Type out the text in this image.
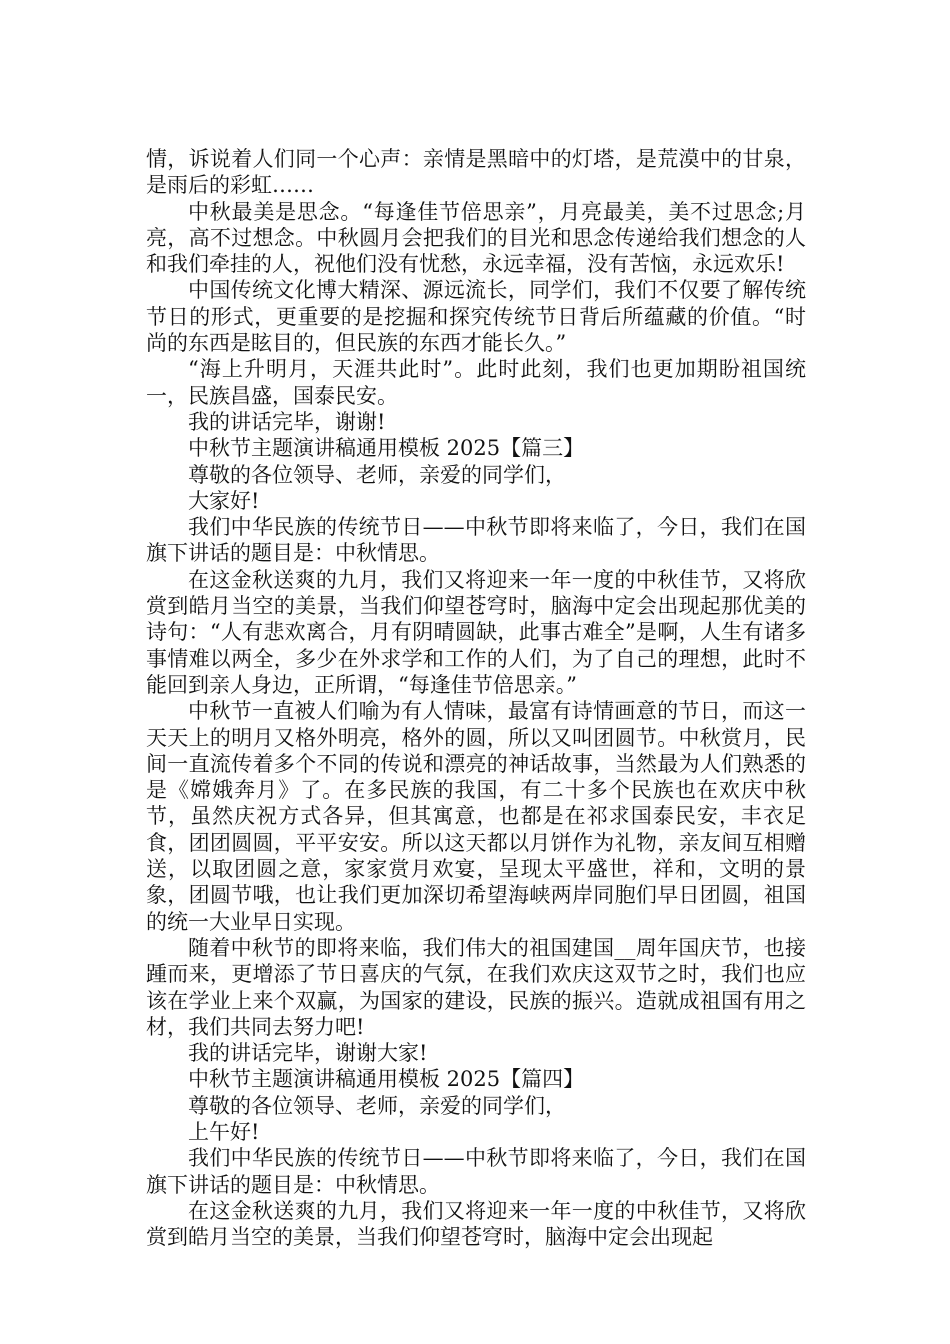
情，诉说着人们同一个心声：亲情是黑暗中的灯塔，是荒漠中的甘泉，是雨后的彩虹……

中秋最美是思念。“每逢佳节倍思亲”，月亮最美，美不过思念;月亮，高不过想念。中秋圆月会把我们的目光和思念传递给我们想念的人和我们牵挂的人，祝他们没有忧愁，永远幸福，没有苦恼，永远欢乐!

中国传统文化博大精深、源远流长，同学们，我们不仅要了解传统节日的形式，更重要的是挖掘和探究传统节日背后所蕴藏的价值。“时尚的东西是眩目的，但民族的东西才能长久。”

“海上升明月，天涯共此时”。此时此刻，我们也更加期盼祖国统一，民族昌盛，国泰民安。

我的讲话完毕，谢谢!

中秋节主题演讲稿通用模板 2025【篇三】

尊敬的各位领导、老师，亲爱的同学们，

大家好!

我们中华民族的传统节日——中秋节即将来临了，今日，我们在国旗下讲话的题目是：中秋情思。

在这金秋送爽的九月，我们又将迎来一年一度的中秋佳节，又将欣赏到皓月当空的美景，当我们仰望苍穹时，脑海中定会出现起那优美的诗句：“人有悲欢离合，月有阴晴圆缺，此事古难全”是啊，人生有诸多事情难以两全，多少在外求学和工作的人们，为了自己的理想，此时不能回到亲人身边，正所谓，“每逢佳节倍思亲。”

中秋节一直被人们喻为有人情味，最富有诗情画意的节日，而这一天天上的明月又格外明亮，格外的圆，所以又叫团圆节。中秋赏月，民间一直流传着多个不同的传说和漂亮的神话故事，当然最为人们熟悉的是《嫦娥奔月》了。在多民族的我国，有二十多个民族也在欢庆中秋节，虽然庆祝方式各异，但其寓意，也都是在祁求国泰民安，丰衣足食，团团圆圆，平平安安。所以这天都以月饼作为礼物，亲友间互相赠送，以取团圆之意，家家赏月欢宴，呈现太平盛世，祥和，文明的景象，团圆节哦，也让我们更加深切希望海峡两岸同胞们早日团圆，祖国的统一大业早日实现。

随着中秋节的即将来临，我们伟大的祖国建国__周年国庆节，也接踵而来，更增添了节日喜庆的气氛，在我们欢庆这双节之时，我们也应该在学业上来个双赢，为国家的建设，民族的振兴。造就成祖国有用之材，我们共同去努力吧!

我的讲话完毕，谢谢大家!

中秋节主题演讲稿通用模板 2025【篇四】

尊敬的各位领导、老师，亲爱的同学们，

上午好!

我们中华民族的传统节日——中秋节即将来临了，今日，我们在国旗下讲话的题目是：中秋情思。

在这金秋送爽的九月，我们又将迎来一年一度的中秋佳节，又将欣赏到皓月当空的美景，当我们仰望苍穹时，脑海中定会出现起
